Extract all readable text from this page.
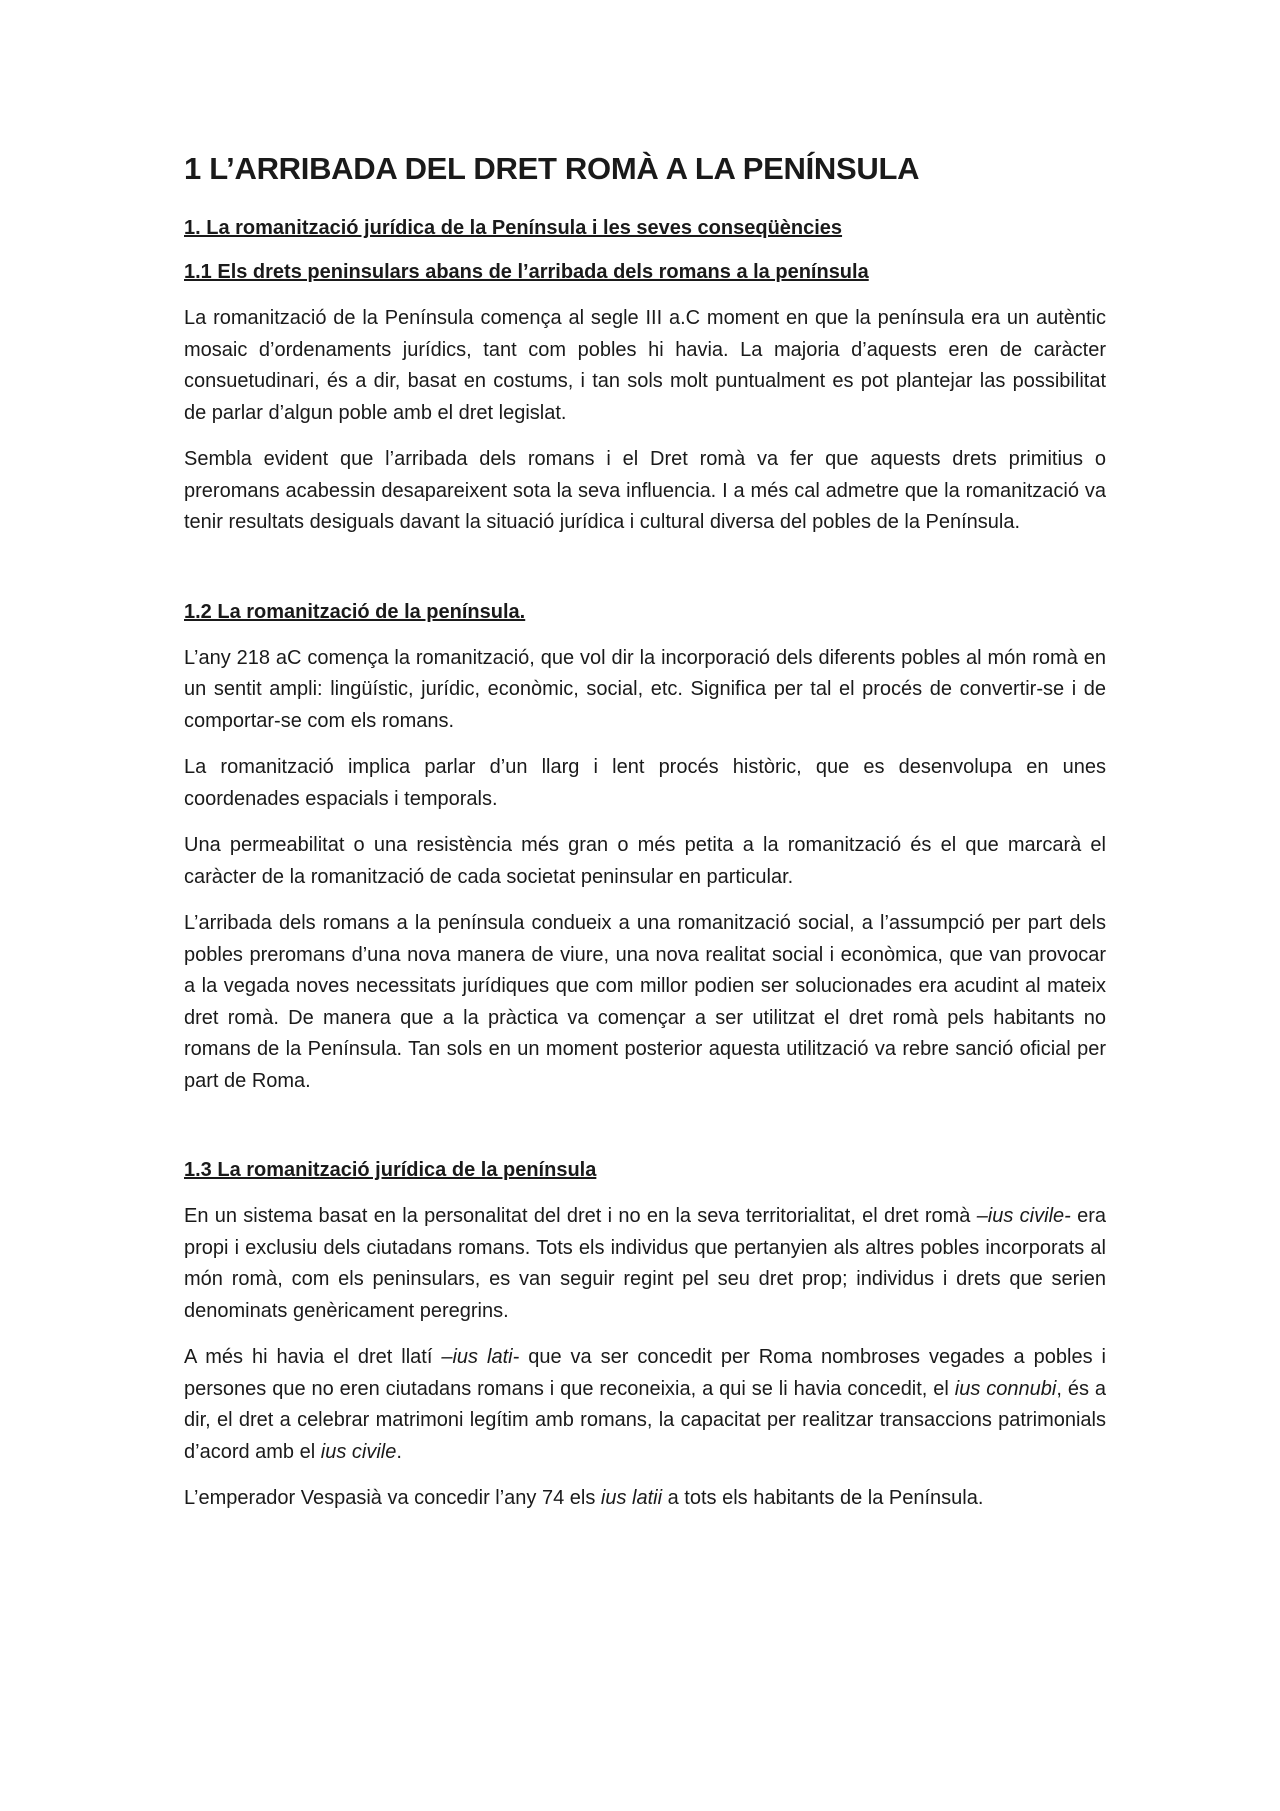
1 L’ARRIBADA DEL DRET ROMÀ A LA PENÍNSULA
1. La romanització jurídica de la Península i les seves conseqüències
1.1 Els drets peninsulars abans de l’arribada dels romans a la península

La romanització de la Península comença al segle III a.C moment en que la península era un autèntic mosaic d’ordenaments jurídics, tant com pobles hi havia. La majoria d’aquests eren de caràcter consuetudinari, és a dir, basat en costums, i tan sols molt puntualment es pot plantejar las possibilitat de parlar d’algun poble amb el dret legislat.

Sembla evident que l’arribada dels romans i el Dret romà va fer que aquests drets primitius o preromans acabessin desapareixent sota la seva influencia. I a més cal admetre que la romanització va tenir resultats desiguals davant la situació jurídica i cultural diversa del pobles de la Península.

1.2 La romanització de la península.

L’any 218 aC comença la romanització, que vol dir la incorporació dels diferents pobles al món romà en un sentit ampli: lingüístic, jurídic, econòmic, social, etc. Significa per tal el procés de convertir-se i de comportar-se com els romans.

La romanització implica parlar d’un llarg i lent procés històric, que es desenvolupa en unes coordenades espacials i temporals.

Una permeabilitat o una resistència més gran o més petita a la romanització és el que marcarà el caràcter de la romanització de cada societat peninsular en particular.

L’arribada dels romans a la península condueix a una romanització social, a l’assumpció per part dels pobles preromans d’una nova manera de viure, una nova realitat social i econòmica, que van provocar a la vegada noves necessitats jurídiques que com millor podien ser solucionades era acudint al mateix dret romà. De manera que a la pràctica va començar a ser utilitzat el dret romà pels habitants no romans de la Península. Tan sols en un moment posterior aquesta utilització va rebre sanció oficial per part de Roma.

1.3 La romanització jurídica de la península

En un sistema basat en la personalitat del dret i no en la seva territorialitat, el dret romà –ius civile- era propi i exclusiu dels ciutadans romans. Tots els individus que pertanyien als altres pobles incorporats al món romà, com els peninsulars, es van seguir regint pel seu dret prop; individus i drets que serien denominats genèricament peregrins.

A més hi havia el dret llatí –ius lati- que va ser concedit per Roma nombroses vegades a pobles i persones que no eren ciutadans romans i que reconeixia, a qui se li havia concedit, el ius connubi, és a dir, el dret a celebrar matrimoni legítim amb romans, la capacitat per realitzar transaccions patrimonials d’acord amb el ius civile.

L’emperador Vespasià va concedir l’any 74 els ius latii a tots els habitants de la Península.
